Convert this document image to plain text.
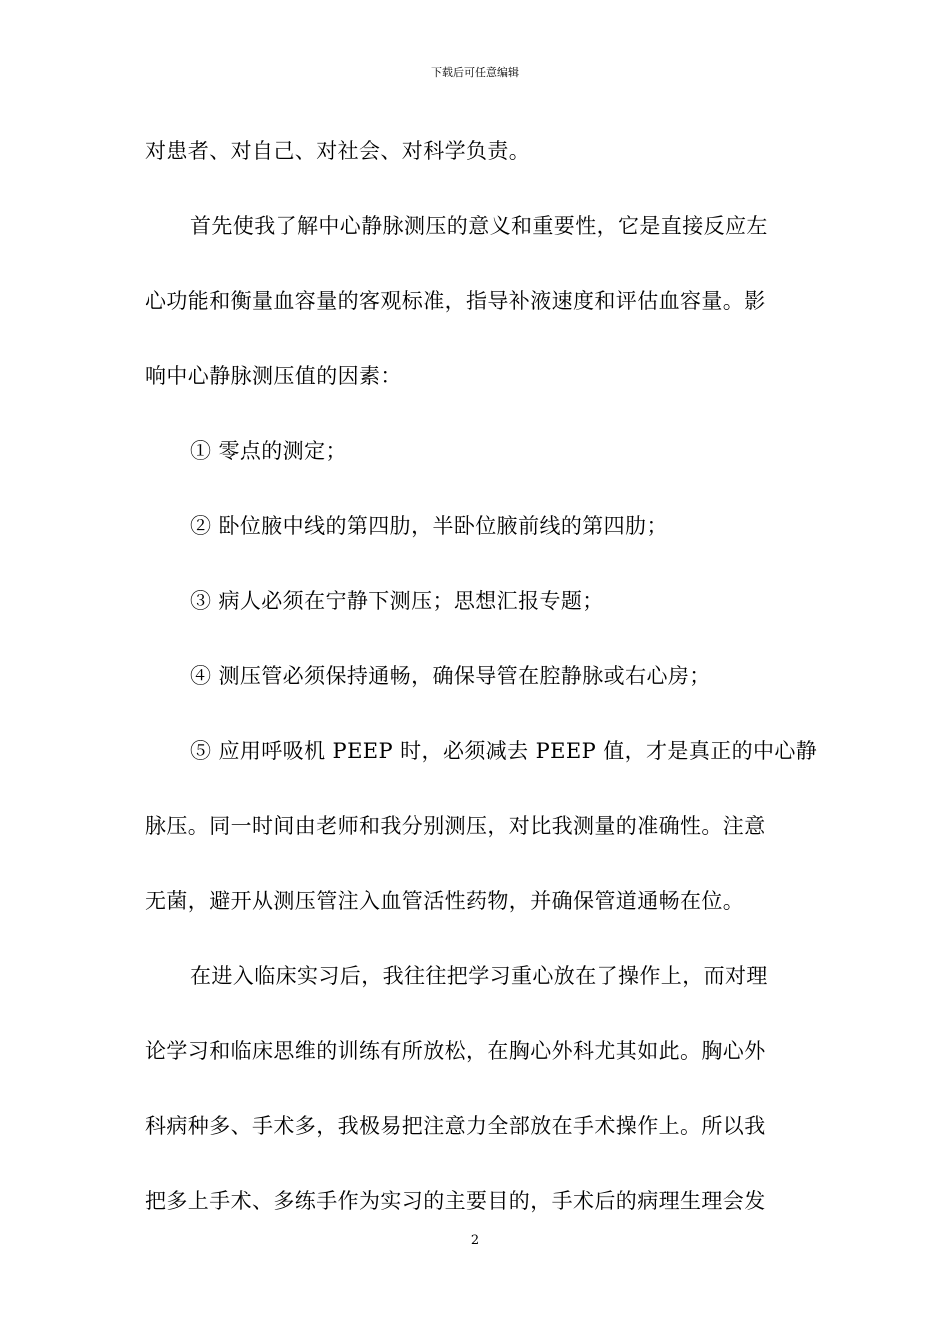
下载后可任意编辑
对患者、对自己、对社会、对科学负责。
首先使我了解中心静脉测压的意义和重要性，它是直接反应左
心功能和衡量血容量的客观标准，指导补液速度和评估血容量。影
响中心静脉测压值的因素：
① 零点的测定；
② 卧位腋中线的第四肋，半卧位腋前线的第四肋；
③ 病人必须在宁静下测压；思想汇报专题；
④ 测压管必须保持通畅，确保导管在腔静脉或右心房；
⑤ 应用呼吸机 PEEP 时，必须减去 PEEP 值，才是真正的中心静
脉压。同一时间由老师和我分别测压，对比我测量的准确性。注意
无菌，避开从测压管注入血管活性药物，并确保管道通畅在位。
在进入临床实习后，我往往把学习重心放在了操作上，而对理
论学习和临床思维的训练有所放松，在胸心外科尤其如此。胸心外
科病种多、手术多，我极易把注意力全部放在手术操作上。所以我
把多上手术、多练手作为实习的主要目的，手术后的病理生理会发
2
